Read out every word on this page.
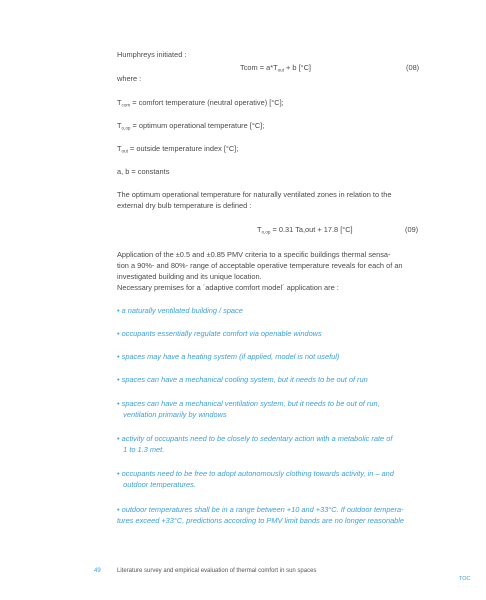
Humphreys initiated :
Tcom = $a*T_{out} + b$ [°C]	(08)
where :
$T_{com}$ = comfort temperature (neutral operative) [°C];
$T_{o,op}$ = optimum operational temperature [°C];
$T_{out}$ = outside temperature index [°C];
a, b = constants
The optimum operational temperature for naturally ventilated zones in relation to the
external dry bulb temperature is defined :
$T_{o,op} = 0.31$ Ta,out + 17.8 [°C]	(09)
Application of the ±0.5 and ±0.85 PMV criteria to a specific buildings thermal sensa-
tion a 90%- and 80%- range of acceptable operative temperature reveals for each of an
investigated building and its unique location.
Necessary premises for a ´adaptive comfort model´ application are :
• a naturally ventilated building / space
• occupants essentially regulate comfort via openable windows
• spaces may have a heating system (if applied, model is not useful)
• spaces can have a mechanical cooling system, but it needs to be out of run
• spaces can have a mechanical ventilation system, but it needs to be out of run,
ventilation primarily by windows
• activity of occupants need to be closely to sedentary action with a metabolic rate of
1 to 1.3 met.
• occupants need to be free to adopt autonomously clothing towards activity, in – and
outdoor temperatures.
• outdoor temperatures shall be in a range between +10 and +33°C. If outdoor tempera-
tures exceed +33°C, predictions according to PMV limit bands are no longer reasonable
49	Literature survey and empirical evaluation of thermal comfort in sun spaces
TOC
· · · · ·
